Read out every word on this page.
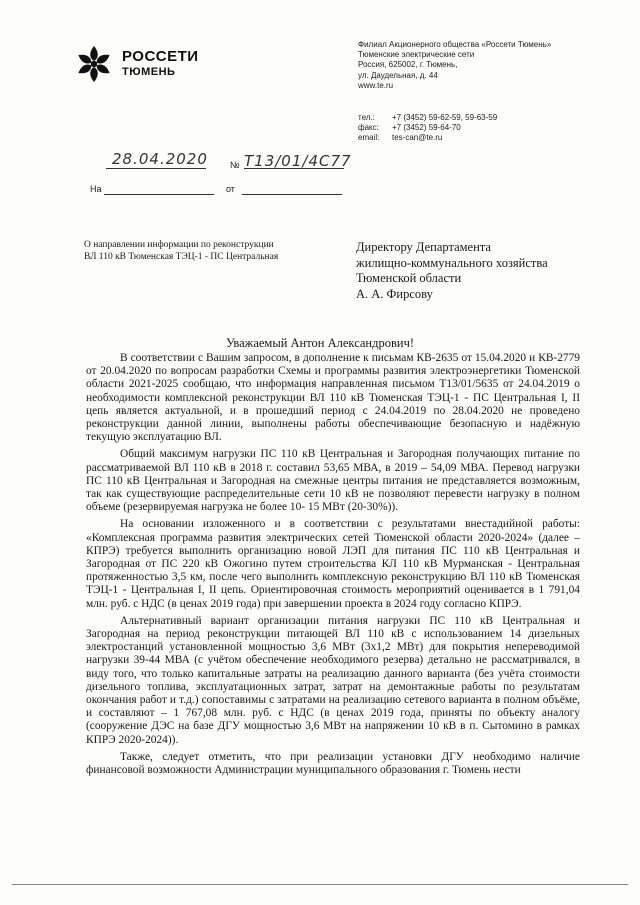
РОССЕТИ
ТЮМЕНЬ
Филиал Акционерного общества «Россети Тюмень»
Тюменские электрические сети
Россия, 625002, г. Тюмень,
ул. Даудельная, д. 44
www.te.ru
тел.:	+7 (3452) 59-62-59, 59-63-59
факс:	+7 (3452) 59-64-70
email:	tes-can@te.ru
28.04.2020 № Т13/01/4С77
На	от
О направлении информации по реконструкции ВЛ 110 кВ Тюменская ТЭЦ-1 - ПС Центральная
Директору Департамента
жилищно-коммунального хозяйства
Тюменской области
А. А. Фирсову
Уважаемый Антон Александрович!

В соответствии с Вашим запросом, в дополнение к письмам КВ-2635 от 15.04.2020 и КВ-2779 от 20.04.2020 по вопросам разработки Схемы и программы развития электроэнергетики Тюменской области 2021-2025 сообщаю, что информация направленная письмом Т13/01/5635 от 24.04.2019 о необходимости комплексной реконструкции ВЛ 110 кВ Тюменская ТЭЦ-1 - ПС Центральная I, II цепь является актуальной, и в прошедший период с 24.04.2019 по 28.04.2020 не проведено реконструкции данной линии, выполнены работы обеспечивающие безопасную и надёжную текущую эксплуатацию ВЛ.

Общий максимум нагрузки ПС 110 кВ Центральная и Загородная получающих питание по рассматриваемой ВЛ 110 кВ в 2018 г. составил 53,65 МВА, в 2019 – 54,09 МВА. Перевод нагрузки ПС 110 кВ Центральная и Загородная на смежные центры питания не представляется возможным, так как существующие распределительные сети 10 кВ не позволяют перевести нагрузку в полном объеме (резервируемая нагрузка не более 10- 15 МВт (20-30%)).

На основании изложенного и в соответствии с результатами внестадийной работы: «Комплексная программа развития электрических сетей Тюменской области 2020-2024» (далее – КПРЭ) требуется выполнить организацию новой ЛЭП для питания ПС 110 кВ Центральная и Загородная от ПС 220 кВ Ожогино путем строительства КЛ 110 кВ Мурманская - Центральная протяженностью 3,5 км, после чего выполнить комплексную реконструкцию ВЛ 110 кВ Тюменская ТЭЦ-1 - Центральная I, II цепь. Ориентировочная стоимость мероприятий оценивается в 1 791,04 млн. руб. с НДС (в ценах 2019 года) при завершении проекта в 2024 году согласно КПРЭ.

Альтернативный вариант организации питания нагрузки ПС 110 кВ Центральная и Загородная на период реконструкции питающей ВЛ 110 кВ с использованием 14 дизельных электростанций установленной мощностью 3,6 МВт (3х1,2 МВт) для покрытия непереводимой нагрузки 39-44 МВА (с учётом обеспечение необходимого резерва) детально не рассматривался, в виду того, что только капитальные затраты на реализацию данного варианта (без учёта стоимости дизельного топлива, эксплуатационных затрат, затрат на демонтажные работы по результатам окончания работ и т.д.) сопоставимы с затратами на реализацию сетевого варианта в полном объёме, и составляют – 1 767,08 млн. руб. с НДС (в ценах 2019 года, приняты по объекту аналогу (сооружение ДЭС на базе ДГУ мощностью 3,6 МВт на напряжении 10 кВ в п. Сытомино в рамках КПРЭ 2020-2024)).

Также, следует отметить, что при реализации установки ДГУ необходимо наличие финансовой возможности Администрации муниципального образования г. Тюмень нести
